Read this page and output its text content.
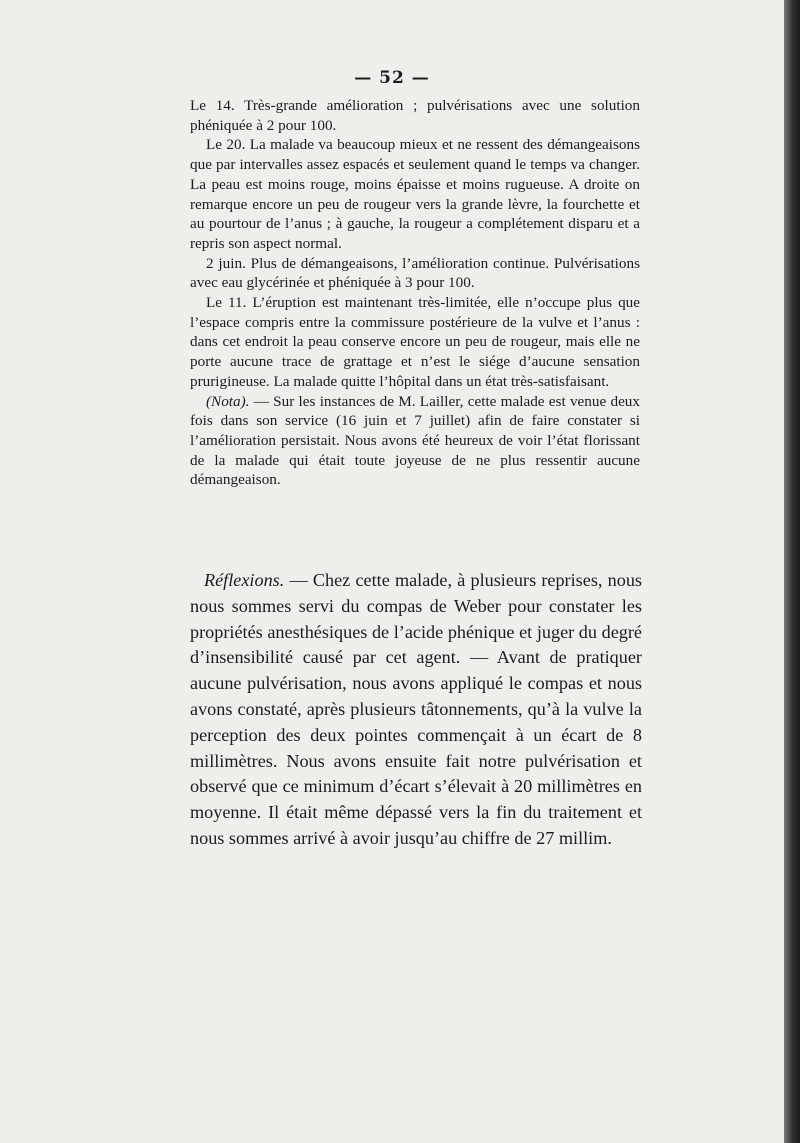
— 52 —

Le 14. Très-grande amélioration ; pulvérisations avec une solution phéniquée à 2 pour 100.

Le 20. La malade va beaucoup mieux et ne ressent des démangeaisons que par intervalles assez espacés et seulement quand le temps va changer. La peau est moins rouge, moins épaisse et moins rugueuse. A droite on remarque encore un peu de rougeur vers la grande lèvre, la fourchette et au pourtour de l’anus ; à gauche, la rougeur a complétement disparu et a repris son aspect normal.

2 juin. Plus de démangeaisons, l’amélioration continue. Pulvérisations avec eau glycérinée et phéniquée à 3 pour 100.

Le 11. L’éruption est maintenant très-limitée, elle n’occupe plus que l’espace compris entre la commissure postérieure de la vulve et l’anus : dans cet endroit la peau conserve encore un peu de rougeur, mais elle ne porte aucune trace de grattage et n’est le siége d’aucune sensation prurigineuse. La malade quitte l’hôpital dans un état très-satisfaisant.

(Nota). — Sur les instances de M. Lailler, cette malade est venue deux fois dans son service (16 juin et 7 juillet) afin de faire constater si l’amélioration persistait. Nous avons été heureux de voir l’état florissant de la malade qui était toute joyeuse de ne plus ressentir aucune démangeaison.

Réflexions. — Chez cette malade, à plusieurs reprises, nous nous sommes servi du compas de Weber pour constater les propriétés anesthésiques de l’acide phénique et juger du degré d’insensibilité causé par cet agent. — Avant de pratiquer aucune pulvérisation, nous avons appliqué le compas et nous avons constaté, après plusieurs tâtonnements, qu’à la vulve la perception des deux pointes commençait à un écart de 8 millimètres. Nous avons ensuite fait notre pulvérisation et observé que ce minimum d’écart s’élevait à 20 millimètres en moyenne. Il était même dépassé vers la fin du traitement et nous sommes arrivé à avoir jusqu’au chiffre de 27 millim.
